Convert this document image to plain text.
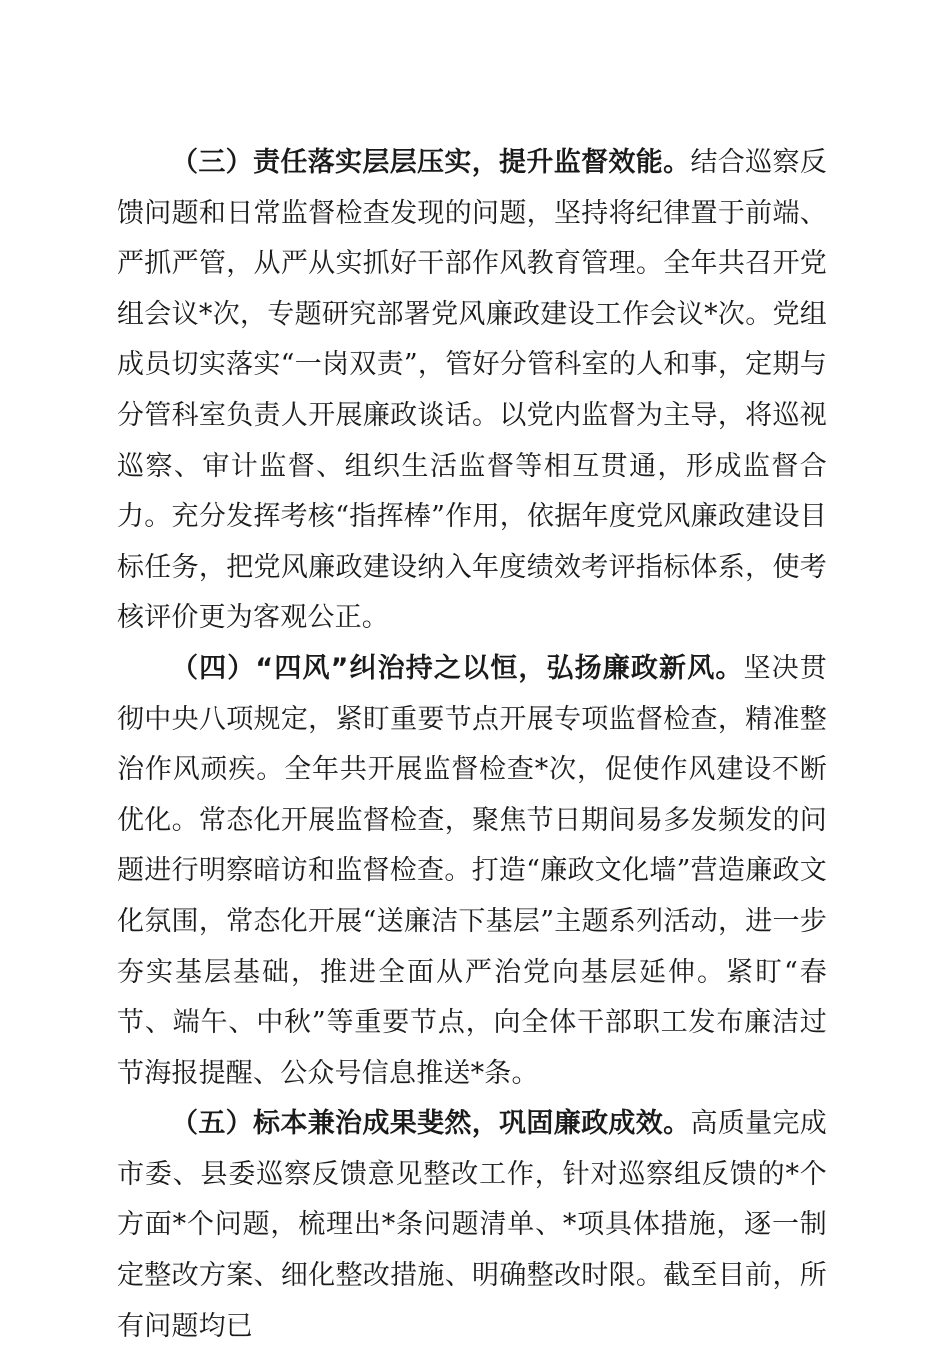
（三）责任落实层层压实，提升监督效能。结合巡察反馈问题和日常监督检查发现的问题，坚持将纪律置于前端、严抓严管，从严从实抓好干部作风教育管理。全年共召开党组会议*次，专题研究部署党风廉政建设工作会议*次。党组成员切实落实“一岗双责”，管好分管科室的人和事，定期与分管科室负责人开展廉政谈话。以党内监督为主导，将巡视巡察、审计监督、组织生活监督等相互贯通，形成监督合力。充分发挥考核“指挥棒”作用，依据年度党风廉政建设目标任务，把党风廉政建设纳入年度绩效考评指标体系，使考核评价更为客观公正。

（四）“四风”纠治持之以恒，弘扬廉政新风。坚决贯彻中央八项规定，紧盯重要节点开展专项监督检查，精准整治作风顽疾。全年共开展监督检查*次，促使作风建设不断优化。常态化开展监督检查，聚焦节日期间易多发频发的问题进行明察暗访和监督检查。打造“廉政文化墙”营造廉政文化氛围，常态化开展“送廉洁下基层”主题系列活动，进一步夯实基层基础，推进全面从严治党向基层延伸。紧盯“春节、端午、中秋”等重要节点，向全体干部职工发布廉洁过节海报提醒、公众号信息推送*条。

（五）标本兼治成果斐然，巩固廉政成效。高质量完成市委、县委巡察反馈意见整改工作，针对巡察组反馈的*个方面*个问题，梳理出*条问题清单、*项具体措施，逐一制定整改方案、细化整改措施、明确整改时限。截至目前，所有问题均已
